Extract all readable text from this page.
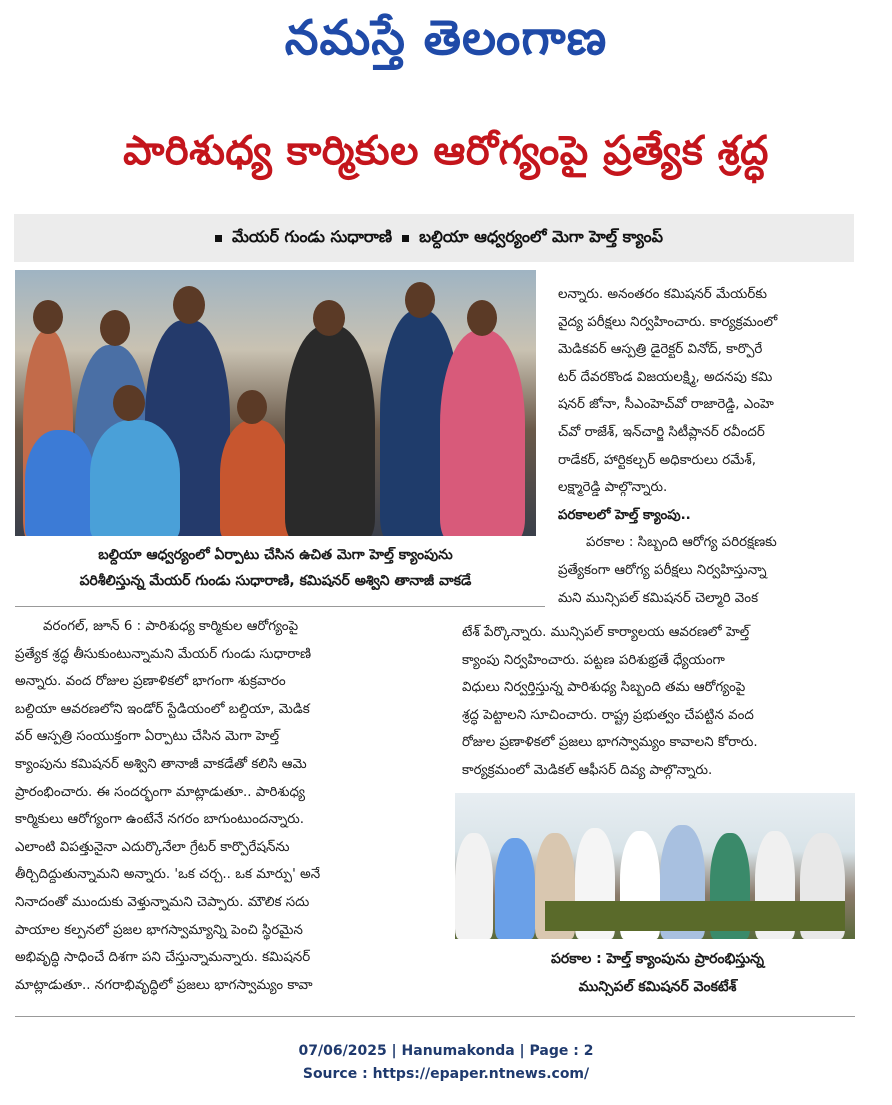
నమస్తే తెలంగాణ
పారిశుధ్య కార్మికుల ఆరోగ్యంపై ప్రత్యేక శ్రద్ధ
మేయర్ గుండు సుధారాణి బల్దియా ఆధ్వర్యంలో మెగా హెల్త్ క్యాంప్
బల్దియా ఆధ్వర్యంలో ఏర్పాటు చేసిన ఉచిత మెగా హెల్త్ క్యాంపును
పరిశీలిస్తున్న మేయర్ గుండు సుధారాణి, కమిషనర్ అశ్విని తానాజీ వాకడే
లన్నారు. అనంతరం కమిషనర్ మేయర్‌కు
వైద్య పరీక్షలు నిర్వహించారు. కార్యక్రమంలో
మెడికవర్ ఆస్పత్రి డైరెక్టర్ వినోద్, కార్పొరే
టర్ దేవరకొండ విజయలక్ష్మి, అదనపు కమి
షనర్ జోనా, సీఎంహెచ్‌వో రాజారెడ్డి, ఎంహె
చ్‌వో రాజేశ్, ఇన్‌చార్జి సిటీప్లానర్ రవీందర్
రాడేకర్, హార్టికల్చర్ అధికారులు రమేశ్,
లక్ష్మారెడ్డి పాల్గొన్నారు.
పరకాలలో హెల్త్ క్యాంపు..
పరకాల : సిబ్బంది ఆరోగ్య పరిరక్షణకు
ప్రత్యేకంగా ఆరోగ్య పరీక్షలు నిర్వహిస్తున్నా
మని మున్సిపల్ కమిషనర్ చెల్మారి వెంక
వరంగల్, జూన్ 6 : పారిశుధ్య కార్మికుల ఆరోగ్యంపై
ప్రత్యేక శ్రద్ధ తీసుకుంటున్నామని మేయర్ గుండు సుధారాణి
అన్నారు. వంద రోజుల ప్రణాళికలో భాగంగా శుక్రవారం
బల్దియా ఆవరణలోని ఇండోర్ స్టేడియంలో బల్దియా, మెడిక
వర్ ఆస్పత్రి సంయుక్తంగా ఏర్పాటు చేసిన మెగా హెల్త్
క్యాంపును కమిషనర్ అశ్విని తానాజీ వాకడేతో కలిసి ఆమె
ప్రారంభించారు. ఈ సందర్భంగా మాట్లాడుతూ.. పారిశుధ్య
కార్మికులు ఆరోగ్యంగా ఉంటేనే నగరం బాగుంటుందన్నారు.
ఎలాంటి విపత్తునైనా ఎదుర్కొనేలా గ్రేటర్ కార్పొరేషన్‌ను
తీర్చిదిద్దుతున్నామని అన్నారు. 'ఒక చర్చ.. ఒక మార్పు' అనే
నినాదంతో ముందుకు వెళ్తున్నామని చెప్పారు. మౌలిక సదు
పాయాల కల్పనలో ప్రజల భాగస్వామ్యాన్ని పెంచి స్థిరమైన
అభివృద్ధి సాధించే దిశగా పని చేస్తున్నామన్నారు. కమిషనర్
మాట్లాడుతూ.. నగరాభివృద్ధిలో ప్రజలు భాగస్వామ్యం కావా
టేశ్ పేర్కొన్నారు. మున్సిపల్ కార్యాలయ ఆవరణలో హెల్త్
క్యాంపు నిర్వహించారు. పట్టణ పరిశుభ్రతే ధ్యేయంగా
విధులు నిర్వర్తిస్తున్న పారిశుధ్య సిబ్బంది తమ ఆరోగ్యంపై
శ్రద్ధ పెట్టాలని సూచించారు. రాష్ట్ర ప్రభుత్వం చేపట్టిన వంద
రోజుల ప్రణాళికలో ప్రజలు భాగస్వామ్యం కావాలని కోరారు.
కార్యక్రమంలో మెడికల్ ఆఫీసర్ దివ్య పాల్గొన్నారు.
పరకాల : హెల్త్ క్యాంపును ప్రారంభిస్తున్న
మున్సిపల్ కమిషనర్ వెంకటేశ్
07/06/2025 | Hanumakonda | Page : 2
Source : https://epaper.ntnews.com/
